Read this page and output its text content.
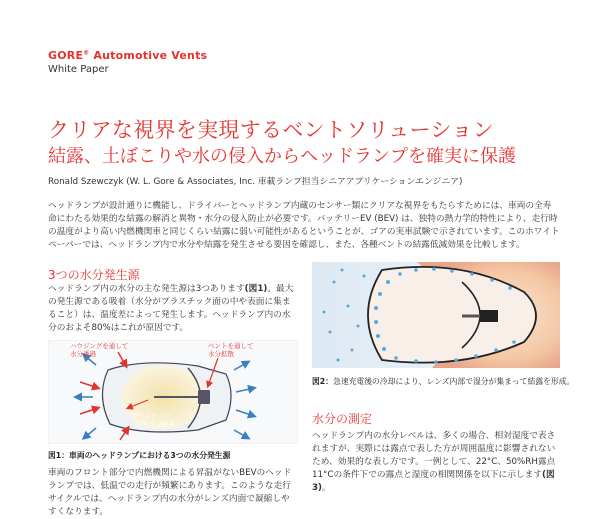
GORE® Automotive Vents
White Paper
クリアな視界を実現するベントソリューション
結露、土ぼこりや水の侵入からヘッドランプを確実に保護
Ronald Szewczyk (W. L. Gore & Associates, Inc. 車載ランプ担当シニアアプリケーションエンジニア)

ヘッドランプが設計通りに機能し、ドライバーとヘッドランプ内蔵のセンサー類にクリアな視界をもたらすためには、車両の全寿命にわたる効果的な結露の解消と異物・水分の侵入防止が必要です。バッテリーEV (BEV) は、独特の熱力学的特性により、走行時の温度がより高い内燃機関車と同じくらい結露に弱い可能性があるということが、ゴアの実車試験で示されています。このホワイトペーパーでは、ヘッドランプ内で水分や結露を発生させる要因を確認し、また、各種ベントの結露低減効果を比較します。

3つの水分発生源

ヘッドランプ内の水分の主な発生源は3つあります(図1)。最大の発生源である吸着（水分がプラスチック面の中や表面に集まること）は、温度差によって発生します。ヘッドランプ内の水分のおよそ80%はこれが原因です。

ハウジングを通して水分透過
ベントを通して水分拡散
プラスチックから水分脱着
図1：車両のヘッドランプにおける3つの水分発生源

車両のフロント部分で内燃機関による昇温がないBEVのヘッドランプでは、低温での走行が頻繁にあります。このような走行サイクルでは、ヘッドランプ内の水分がレンズ内面で凝縮しやすくなります。

図2：急速充電後の冷却により、レンズ内部で湿分が集まって結露を形成。
水分の測定

ヘッドランプ内の水分レベルは、多くの場合、相対湿度で表されますが、実際には露点で表した方が周囲温度に影響されないため、効果的な表し方です。一例として、22°C、50%RH露点11°Cの条件下での露点と湿度の相関関係を以下に示します(図3)。
